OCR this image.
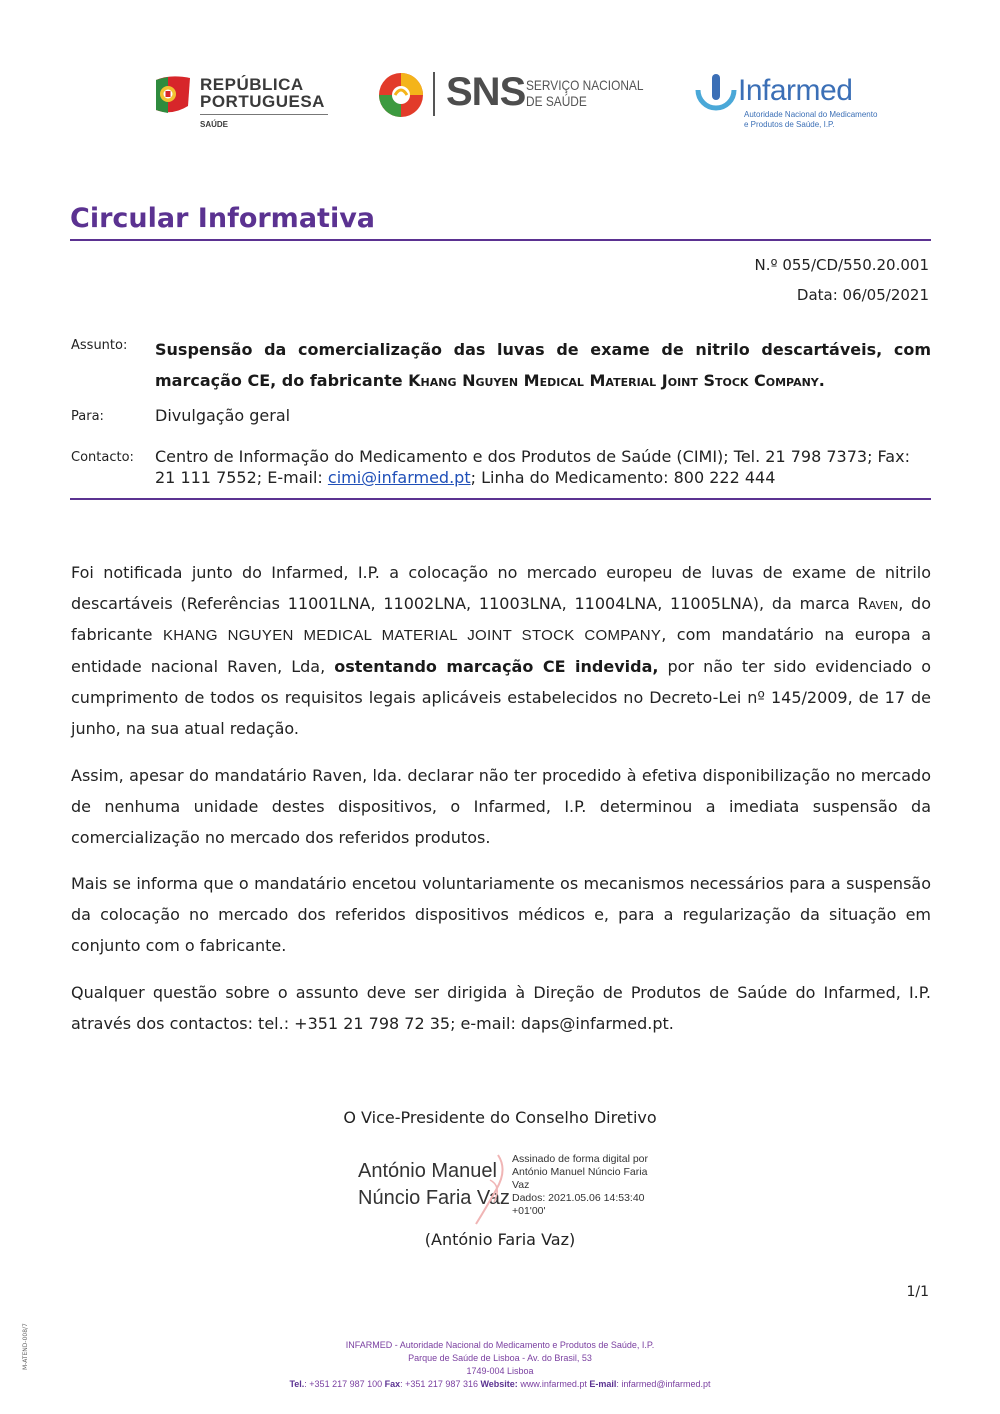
REPÚBLICA
PORTUGUESA
SAÚDE
SNS SERVIÇO NACIONAL
DE SAÚDE	Infarmed
Autoridade Nacional do Medicamento
e Produtos de Saúde, I.P.
Circular Informativa
N.º 055/CD/550.20.001
Data: 06/05/2021
Assunto: Suspensão da comercialização das luvas de exame de nitrilo descartáveis, com marcação CE, do fabricante Khang Nguyen Medical Material Joint Stock Company.
Para:	Divulgação geral
Contacto: Centro de Informação do Medicamento e dos Produtos de Saúde (CIMI); Tel. 21 798 7373; Fax: 21 111 7552; E-mail: cimi@infarmed.pt; Linha do Medicamento: 800 222 444
Foi notificada junto do Infarmed, I.P. a colocação no mercado europeu de luvas de exame de nitrilo descartáveis (Referências 11001LNA, 11002LNA, 11003LNA, 11004LNA, 11005LNA), da marca Raven, do fabricante KHANG NGUYEN MEDICAL MATERIAL JOINT STOCK COMPANY, com mandatário na europa a entidade nacional Raven, Lda, ostentando marcação CE indevida, por não ter sido evidenciado o cumprimento de todos os requisitos legais aplicáveis estabelecidos no Decreto-Lei nº 145/2009, de 17 de junho, na sua atual redação.
Assim, apesar do mandatário Raven, lda. declarar não ter procedido à efetiva disponibilização no mercado de nenhuma unidade destes dispositivos, o Infarmed, I.P. determinou a imediata suspensão da comercialização no mercado dos referidos produtos.
Mais se informa que o mandatário encetou voluntariamente os mecanismos necessários para a suspensão da colocação no mercado dos referidos dispositivos médicos e, para a regularização da situação em conjunto com o fabricante.
Qualquer questão sobre o assunto deve ser dirigida à Direção de Produtos de Saúde do Infarmed, I.P. através dos contactos: tel.: +351 21 798 72 35; e-mail: daps@infarmed.pt.
O Vice-Presidente do Conselho Diretivo
António Manuel
Núncio Faria Vaz
Assinado de forma digital por
António Manuel Núncio Faria
Vaz
Dados: 2021.05.06 14:53:40
+01'00'
(António Faria Vaz)
1/1
M-ATEND-008/7	INFARMED - Autoridade Nacional do Medicamento e Produtos de Saúde, I.P.
Parque de Saúde de Lisboa - Av. do Brasil, 53
1749-004 Lisboa
Tel.: +351 217 987 100 Fax: +351 217 987 316 Website: www.infarmed.pt E-mail: infarmed@infarmed.pt
